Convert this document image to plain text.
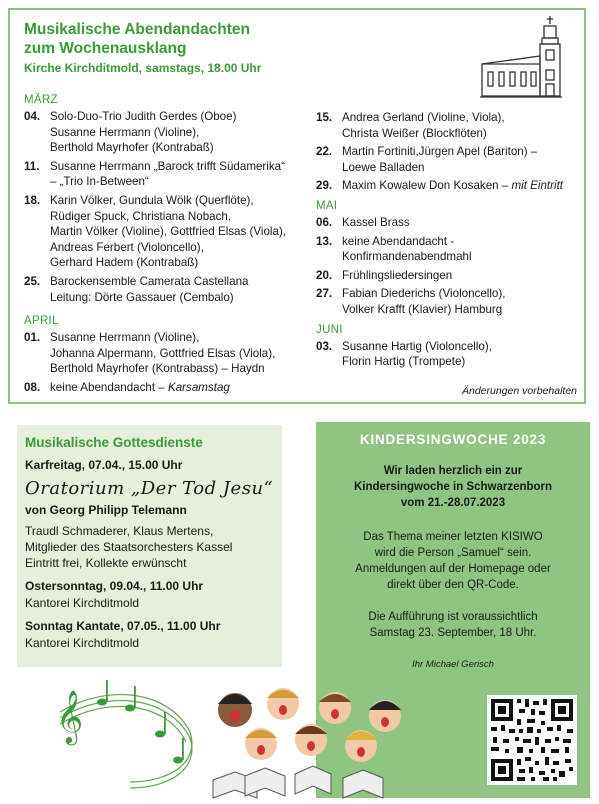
Musikalische Abendandachten
zum Wochenausklang
Kirche Kirchditmold, samstags, 18.00 Uhr
MÄRZ
04. Solo-Duo-Trio Judith Gerdes (Oboe)
Susanne Herrmann (Violine),
Berthold Mayrhofer (Kontrabaß)
11. Susanne Herrmann „Barock trifft Südamerika“
– „Trio In-Between“
18. Karin Völker, Gundula Wölk (Querflöte),
Rüdiger Spuck, Christiana Nobach,
Martin Völker (Violine), Gottfried Elsas (Viola),
Andreas Ferbert (Violoncello),
Gerhard Hadem (Kontrabaß)
25. Barockensemble Camerata Castellana
Leitung: Dörte Gassauer (Cembalo)
APRIL
01. Susanne Herrmann (Violine),
Johanna Alpermann, Gottfried Elsas (Viola),
Berthold Mayrhofer (Kontrabass) – Haydn
08. keine Abendandacht – Karsamstag
15. Andrea Gerland (Violine, Viola),
Christa Weißer (Blockflöten)
22. Martin Fortiniti,Jürgen Apel (Bariton) –
Loewe Balladen
29. Maxim Kowalew Don Kosaken – mit Eintritt
MAI
06. Kassel Brass
13. keine Abendandacht -
Konfirmandenabendmahl
20. Frühlingsliedersingen
27. Fabian Diederichs (Violoncello),
Volker Krafft (Klavier) Hamburg
JUNI
03. Susanne Hartig (Violoncello),
Florin Hartig (Trompete)
Änderungen vorbehalten
Musikalische Gottesdienste
Karfreitag, 07.04., 15.00 Uhr
Oratorium „Der Tod Jesu“
von Georg Philipp Telemann
Traudl Schmaderer, Klaus Mertens,
Mitglieder des Staatsorchesters Kassel
Eintritt frei, Kollekte erwünscht
Ostersonntag, 09.04., 11.00 Uhr
Kantorei Kirchditmold
Sonntag Kantate, 07.05., 11.00 Uhr
Kantorei Kirchditmold
KINDERSINGWOCHE 2023
Wir laden herzlich ein zur
Kindersingwoche in Schwarzenborn
vom 21.-28.07.2023
Das Thema meiner letzten KISIWO
wird die Person „Samuel“ sein.
Anmeldungen auf der Homepage oder
direkt über den QR-Code.
Die Aufführung ist voraussichtlich
Samstag 23. September, 18 Uhr.
Ihr Michael Gerisch
𝄞
